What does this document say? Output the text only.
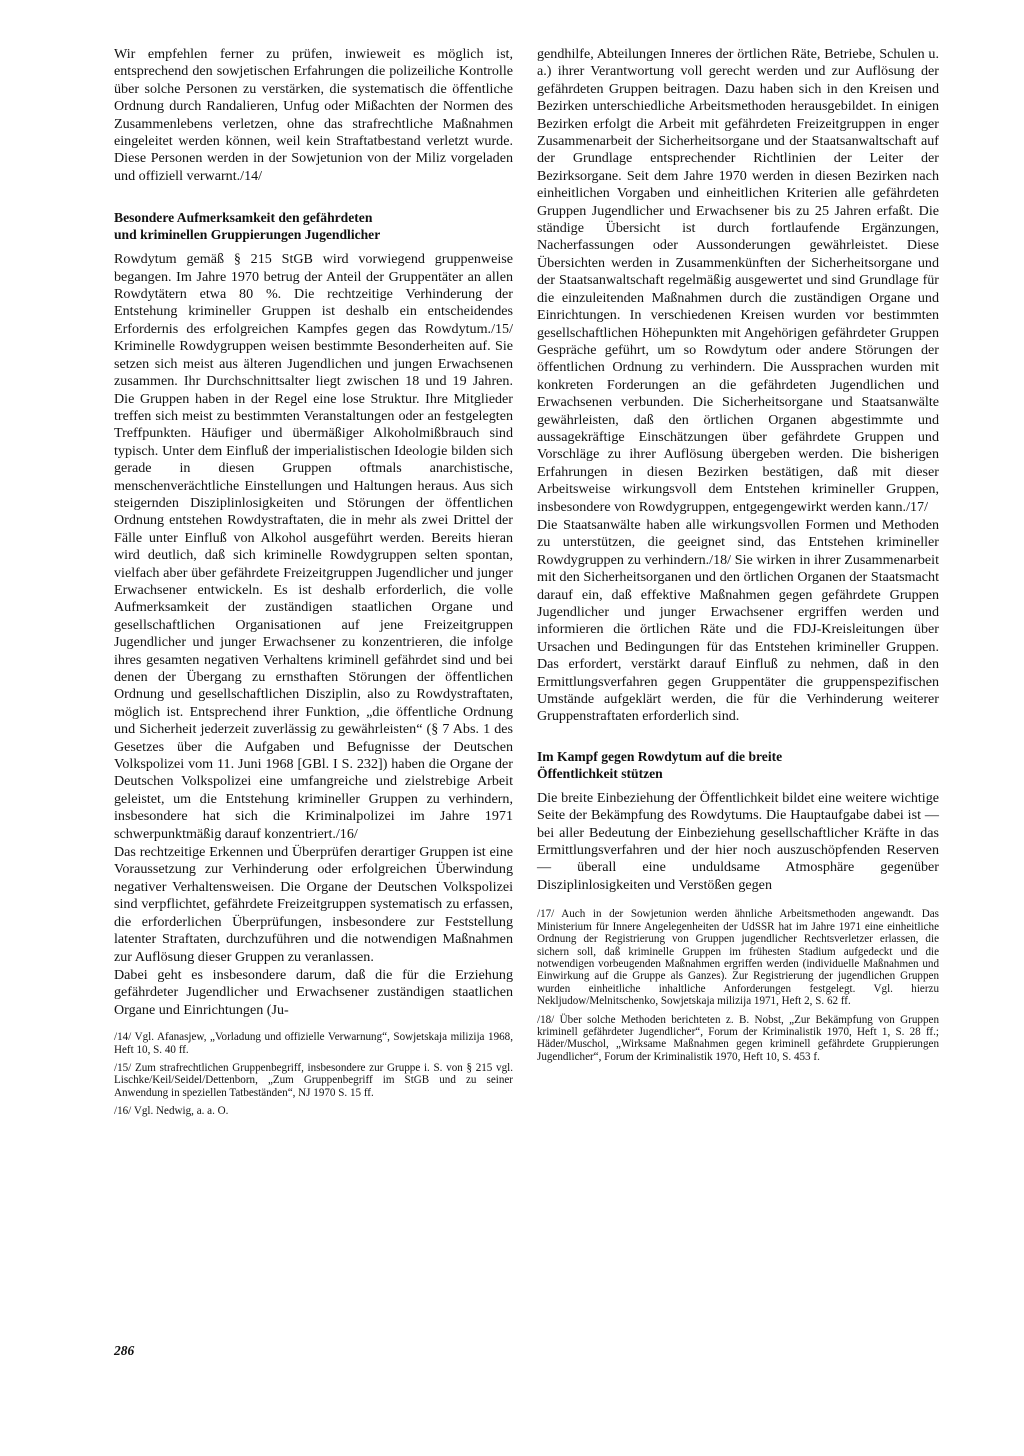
Wir empfehlen ferner zu prüfen, inwieweit es möglich ist, entsprechend den sowjetischen Erfahrungen die polizeiliche Kontrolle über solche Personen zu verstärken, die systematisch die öffentliche Ordnung durch Randalieren, Unfug oder Mißachten der Normen des Zusammenlebens verletzen, ohne das strafrechtliche Maßnahmen eingeleitet werden können, weil kein Straftatbestand verletzt wurde. Diese Personen werden in der Sowjetunion von der Miliz vorgeladen und offiziell verwarnt./14/

Besondere Aufmerksamkeit den gefährdeten
und kriminellen Gruppierungen Jugendlicher

Rowdytum gemäß § 215 StGB wird vorwiegend gruppenweise begangen. Im Jahre 1970 betrug der Anteil der Gruppentäter an allen Rowdytätern etwa 80 %. Die rechtzeitige Verhinderung der Entstehung krimineller Gruppen ist deshalb ein entscheidendes Erfordernis des erfolgreichen Kampfes gegen das Rowdytum./15/ Kriminelle Rowdygruppen weisen bestimmte Besonderheiten auf. Sie setzen sich meist aus älteren Jugendlichen und jungen Erwachsenen zusammen. Ihr Durchschnittsalter liegt zwischen 18 und 19 Jahren. Die Gruppen haben in der Regel eine lose Struktur. Ihre Mitglieder treffen sich meist zu bestimmten Veranstaltungen oder an festgelegten Treffpunkten. Häufiger und übermäßiger Alkoholmißbrauch sind typisch. Unter dem Einfluß der imperialistischen Ideologie bilden sich gerade in diesen Gruppen oftmals anarchistische, menschenverächtliche Einstellungen und Haltungen heraus. Aus sich steigernden Disziplinlosigkeiten und Störungen der öffentlichen Ordnung entstehen Rowdystraftaten, die in mehr als zwei Drittel der Fälle unter Einfluß von Alkohol ausgeführt werden. Bereits hieran wird deutlich, daß sich kriminelle Rowdygruppen selten spontan, vielfach aber über gefährdete Freizeitgruppen Jugendlicher und junger Erwachsener entwickeln. Es ist deshalb erforderlich, die volle Aufmerksamkeit der zuständigen staatlichen Organe und gesellschaftlichen Organisationen auf jene Freizeitgruppen Jugendlicher und junger Erwachsener zu konzentrieren, die infolge ihres gesamten negativen Verhaltens kriminell gefährdet sind und bei denen der Übergang zu ernsthaften Störungen der öffentlichen Ordnung und gesellschaftlichen Disziplin, also zu Rowdystraftaten, möglich ist. Entsprechend ihrer Funktion, „die öffentliche Ordnung und Sicherheit jederzeit zuverlässig zu gewährleisten“ (§ 7 Abs. 1 des Gesetzes über die Aufgaben und Befugnisse der Deutschen Volkspolizei vom 11. Juni 1968 [GBl. I S. 232]) haben die Organe der Deutschen Volkspolizei eine umfangreiche und zielstrebige Arbeit geleistet, um die Entstehung krimineller Gruppen zu verhindern, insbesondere hat sich die Kriminalpolizei im Jahre 1971 schwerpunktmäßig darauf konzentriert./16/

Das rechtzeitige Erkennen und Überprüfen derartiger Gruppen ist eine Voraussetzung zur Verhinderung oder erfolgreichen Überwindung negativer Verhaltensweisen. Die Organe der Deutschen Volkspolizei sind verpflichtet, gefährdete Freizeitgruppen systematisch zu erfassen, die erforderlichen Überprüfungen, insbesondere zur Feststellung latenter Straftaten, durchzuführen und die notwendigen Maßnahmen zur Auflösung dieser Gruppen zu veranlassen.

Dabei geht es insbesondere darum, daß die für die Erziehung gefährdeter Jugendlicher und Erwachsener zuständigen staatlichen Organe und Einrichtungen (Ju-

/14/ Vgl. Afanasjew, „Vorladung und offizielle Verwarnung“, Sowjetskaja milizija 1968, Heft 10, S. 40 ff.

/15/ Zum strafrechtlichen Gruppenbegriff, insbesondere zur Gruppe i. S. von § 215 vgl. Lischke/Keil/Seidel/Dettenborn, „Zum Gruppenbegriff im StGB und zu seiner Anwendung in speziellen Tatbeständen“, NJ 1970 S. 15 ff.

/16/ Vgl. Nedwig, a. a. O.

gendhilfe, Abteilungen Inneres der örtlichen Räte, Betriebe, Schulen u. a.) ihrer Verantwortung voll gerecht werden und zur Auflösung der gefährdeten Gruppen beitragen. Dazu haben sich in den Kreisen und Bezirken unterschiedliche Arbeitsmethoden herausgebildet. In einigen Bezirken erfolgt die Arbeit mit gefährdeten Freizeitgruppen in enger Zusammenarbeit der Sicherheitsorgane und der Staatsanwaltschaft auf der Grundlage entsprechender Richtlinien der Leiter der Bezirksorgane. Seit dem Jahre 1970 werden in diesen Bezirken nach einheitlichen Vorgaben und einheitlichen Kriterien alle gefährdeten Gruppen Jugendlicher und Erwachsener bis zu 25 Jahren erfaßt. Die ständige Übersicht ist durch fortlaufende Ergänzungen, Nacherfassungen oder Aussonderungen gewährleistet. Diese Übersichten werden in Zusammenkünften der Sicherheitsorgane und der Staatsanwaltschaft regelmäßig ausgewertet und sind Grundlage für die einzuleitenden Maßnahmen durch die zuständigen Organe und Einrichtungen. In verschiedenen Kreisen wurden vor bestimmten gesellschaftlichen Höhepunkten mit Angehörigen gefährdeter Gruppen Gespräche geführt, um so Rowdytum oder andere Störungen der öffentlichen Ordnung zu verhindern. Die Aussprachen wurden mit konkreten Forderungen an die gefährdeten Jugendlichen und Erwachsenen verbunden. Die Sicherheitsorgane und Staatsanwälte gewährleisten, daß den örtlichen Organen abgestimmte und aussagekräftige Einschätzungen über gefährdete Gruppen und Vorschläge zu ihrer Auflösung übergeben werden. Die bisherigen Erfahrungen in diesen Bezirken bestätigen, daß mit dieser Arbeitsweise wirkungsvoll dem Entstehen krimineller Gruppen, insbesondere von Rowdygruppen, entgegengewirkt werden kann./17/

Die Staatsanwälte haben alle wirkungsvollen Formen und Methoden zu unterstützen, die geeignet sind, das Entstehen krimineller Rowdygruppen zu verhindern./18/ Sie wirken in ihrer Zusammenarbeit mit den Sicherheitsorganen und den örtlichen Organen der Staatsmacht darauf ein, daß effektive Maßnahmen gegen gefährdete Gruppen Jugendlicher und junger Erwachsener ergriffen werden und informieren die örtlichen Räte und die FDJ-Kreisleitungen über Ursachen und Bedingungen für das Entstehen krimineller Gruppen. Das erfordert, verstärkt darauf Einfluß zu nehmen, daß in den Ermittlungsverfahren gegen Gruppentäter die gruppenspezifischen Umstände aufgeklärt werden, die für die Verhinderung weiterer Gruppenstraftaten erforderlich sind.

Im Kampf gegen Rowdytum auf die breite
Öffentlichkeit stützen

Die breite Einbeziehung der Öffentlichkeit bildet eine weitere wichtige Seite der Bekämpfung des Rowdytums. Die Hauptaufgabe dabei ist — bei aller Bedeutung der Einbeziehung gesellschaftlicher Kräfte in das Ermittlungsverfahren und der hier noch auszuschöpfenden Reserven — überall eine unduldsame Atmosphäre gegenüber Disziplinlosigkeiten und Verstößen gegen

/17/ Auch in der Sowjetunion werden ähnliche Arbeitsmethoden angewandt. Das Ministerium für Innere Angelegenheiten der UdSSR hat im Jahre 1971 eine einheitliche Ordnung der Registrierung von Gruppen jugendlicher Rechtsverletzer erlassen, die sichern soll, daß kriminelle Gruppen im frühesten Stadium aufgedeckt und die notwendigen vorbeugenden Maßnahmen ergriffen werden (individuelle Maßnahmen und Einwirkung auf die Gruppe als Ganzes). Zur Registrierung der jugendlichen Gruppen wurden einheitliche inhaltliche Anforderungen festgelegt. Vgl. hierzu Nekljudow/Melnitschenko, Sowjetskaja milizija 1971, Heft 2, S. 62 ff.

/18/ Über solche Methoden berichteten z. B. Nobst, „Zur Bekämpfung von Gruppen kriminell gefährdeter Jugendlicher“, Forum der Kriminalistik 1970, Heft 1, S. 28 ff.; Häder/Muschol, „Wirksame Maßnahmen gegen kriminell gefährdete Gruppierungen Jugendlicher“, Forum der Kriminalistik 1970, Heft 10, S. 453 f.

286
